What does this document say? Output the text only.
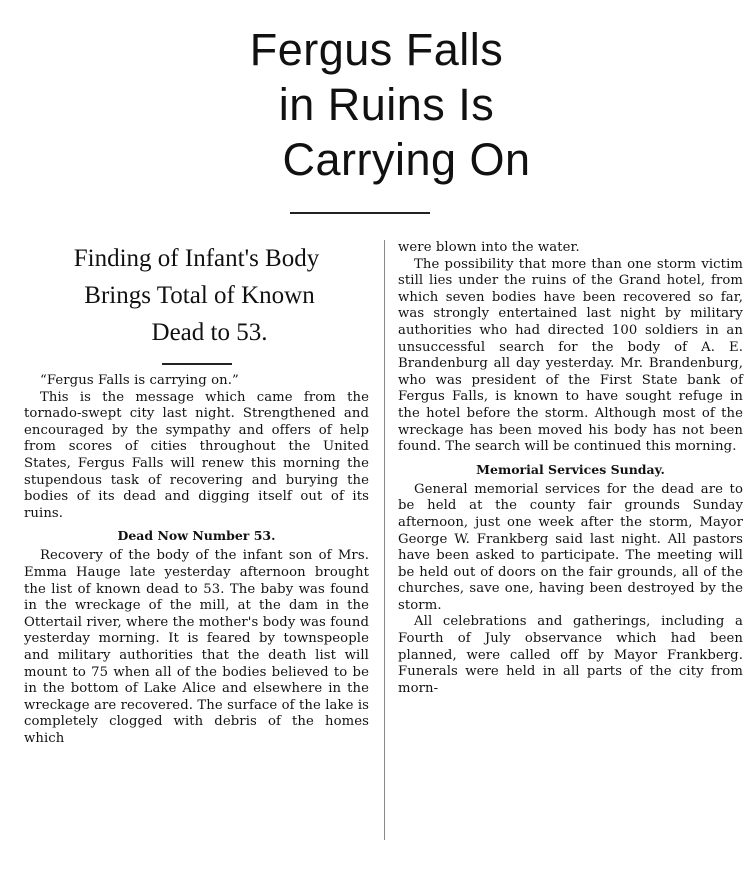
Fergus Falls
in Ruins Is
Carrying On
Finding of Infant's Body
Brings Total of Known
Dead to 53.

“Fergus Falls is carrying on.”

This is the message which came from the tornado-swept city last night. Strengthened and encouraged by the sympathy and offers of help from scores of cities throughout the United States, Fergus Falls will renew this morning the stupendous task of recovering and burying the bodies of its dead and digging itself out of its ruins.

Dead Now Number 53.

Recovery of the body of the infant son of Mrs. Emma Hauge late yesterday afternoon brought the list of known dead to 53. The baby was found in the wreckage of the mill, at the dam in the Ottertail river, where the mother's body was found yesterday morning. It is feared by townspeople and military authorities that the death list will mount to 75 when all of the bodies believed to be in the bottom of Lake Alice and elsewhere in the wreckage are recovered. The surface of the lake is completely clogged with debris of the homes which

were blown into the water.

The possibility that more than one storm victim still lies under the ruins of the Grand hotel, from which seven bodies have been recovered so far, was strongly entertained last night by military authorities who had directed 100 soldiers in an unsuccessful search for the body of A. E. Brandenburg all day yesterday. Mr. Brandenburg, who was president of the First State bank of Fergus Falls, is known to have sought refuge in the hotel before the storm. Although most of the wreckage has been moved his body has not been found. The search will be continued this morning.

Memorial Services Sunday.

General memorial services for the dead are to be held at the county fair grounds Sunday afternoon, just one week after the storm, Mayor George W. Frankberg said last night. All pastors have been asked to participate. The meeting will be held out of doors on the fair grounds, all of the churches, save one, having been destroyed by the storm.

All celebrations and gatherings, including a Fourth of July observance which had been planned, were called off by Mayor Frankberg. Funerals were held in all parts of the city from morn-
